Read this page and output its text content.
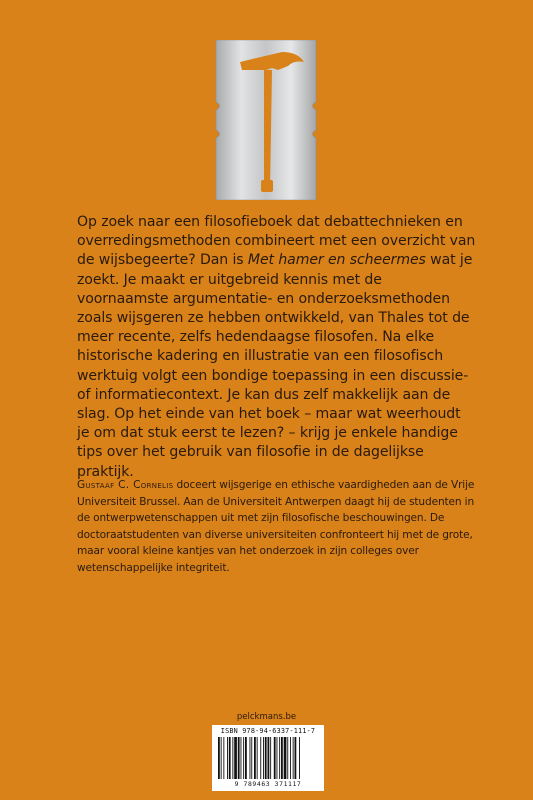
Op zoek naar een filosofieboek dat debattechnieken en overredingsmethoden combineert met een overzicht van de wijsbegeerte? Dan is Met hamer en scheermes wat je zoekt. Je maakt er uitgebreid kennis met de voornaamste argumentatie- en onderzoeksmethoden zoals wijsgeren ze hebben ontwikkeld, van Thales tot de meer recente, zelfs hedendaagse filosofen. Na elke historische kadering en illustratie van een filosofisch werktuig volgt een bondige toepassing in een discussie- of informatiecontext. Je kan dus zelf makkelijk aan de slag. Op het einde van het boek – maar wat weerhoudt je om dat stuk eerst te lezen? – krijg je enkele handige tips over het gebruik van filosofie in de dagelijkse praktijk.

Gustaaf C. Cornelis doceert wijsgerige en ethische vaardigheden aan de Vrije Universiteit Brussel. Aan de Universiteit Antwerpen daagt hij de studenten in de ontwerpwetenschappen uit met zijn filosofische beschouwingen. De doctoraatstudenten van diverse universiteiten confronteert hij met de grote, maar vooral kleine kantjes van het onderzoek in zijn colleges over wetenschappelijke integriteit.

pelckmans.be
ISBN 978-94-6337-111-7
9 789463 371117
